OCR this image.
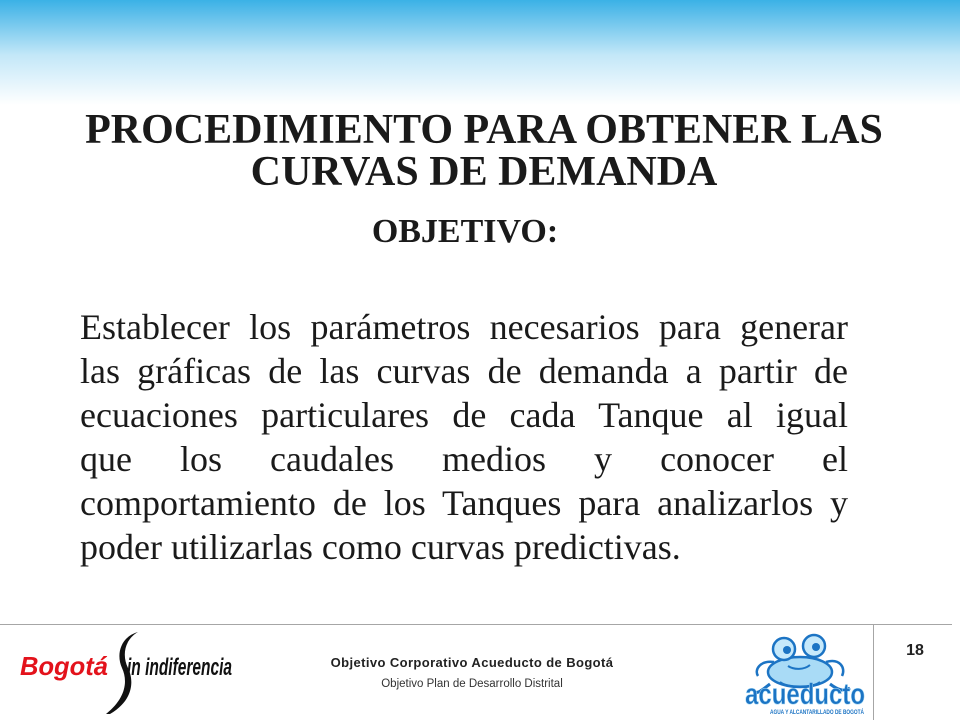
PROCEDIMIENTO PARA OBTENER LAS
CURVAS DE DEMANDA
OBJETIVO:
Establecer los parámetros necesarios para generar
las gráficas de las curvas de demanda a partir de
ecuaciones particulares de cada Tanque al igual
que los caudales medios y conocer el
comportamiento de los Tanques para analizarlos y
poder utilizarlas como curvas predictivas.
Bogotá in indiferencia	Objetivo Corporativo Acueducto de Bogotá
Objetivo Plan de Desarrollo Distrital
18
acueducto
AGUA Y ALCANTARILLADO DE BOGOTÁ
